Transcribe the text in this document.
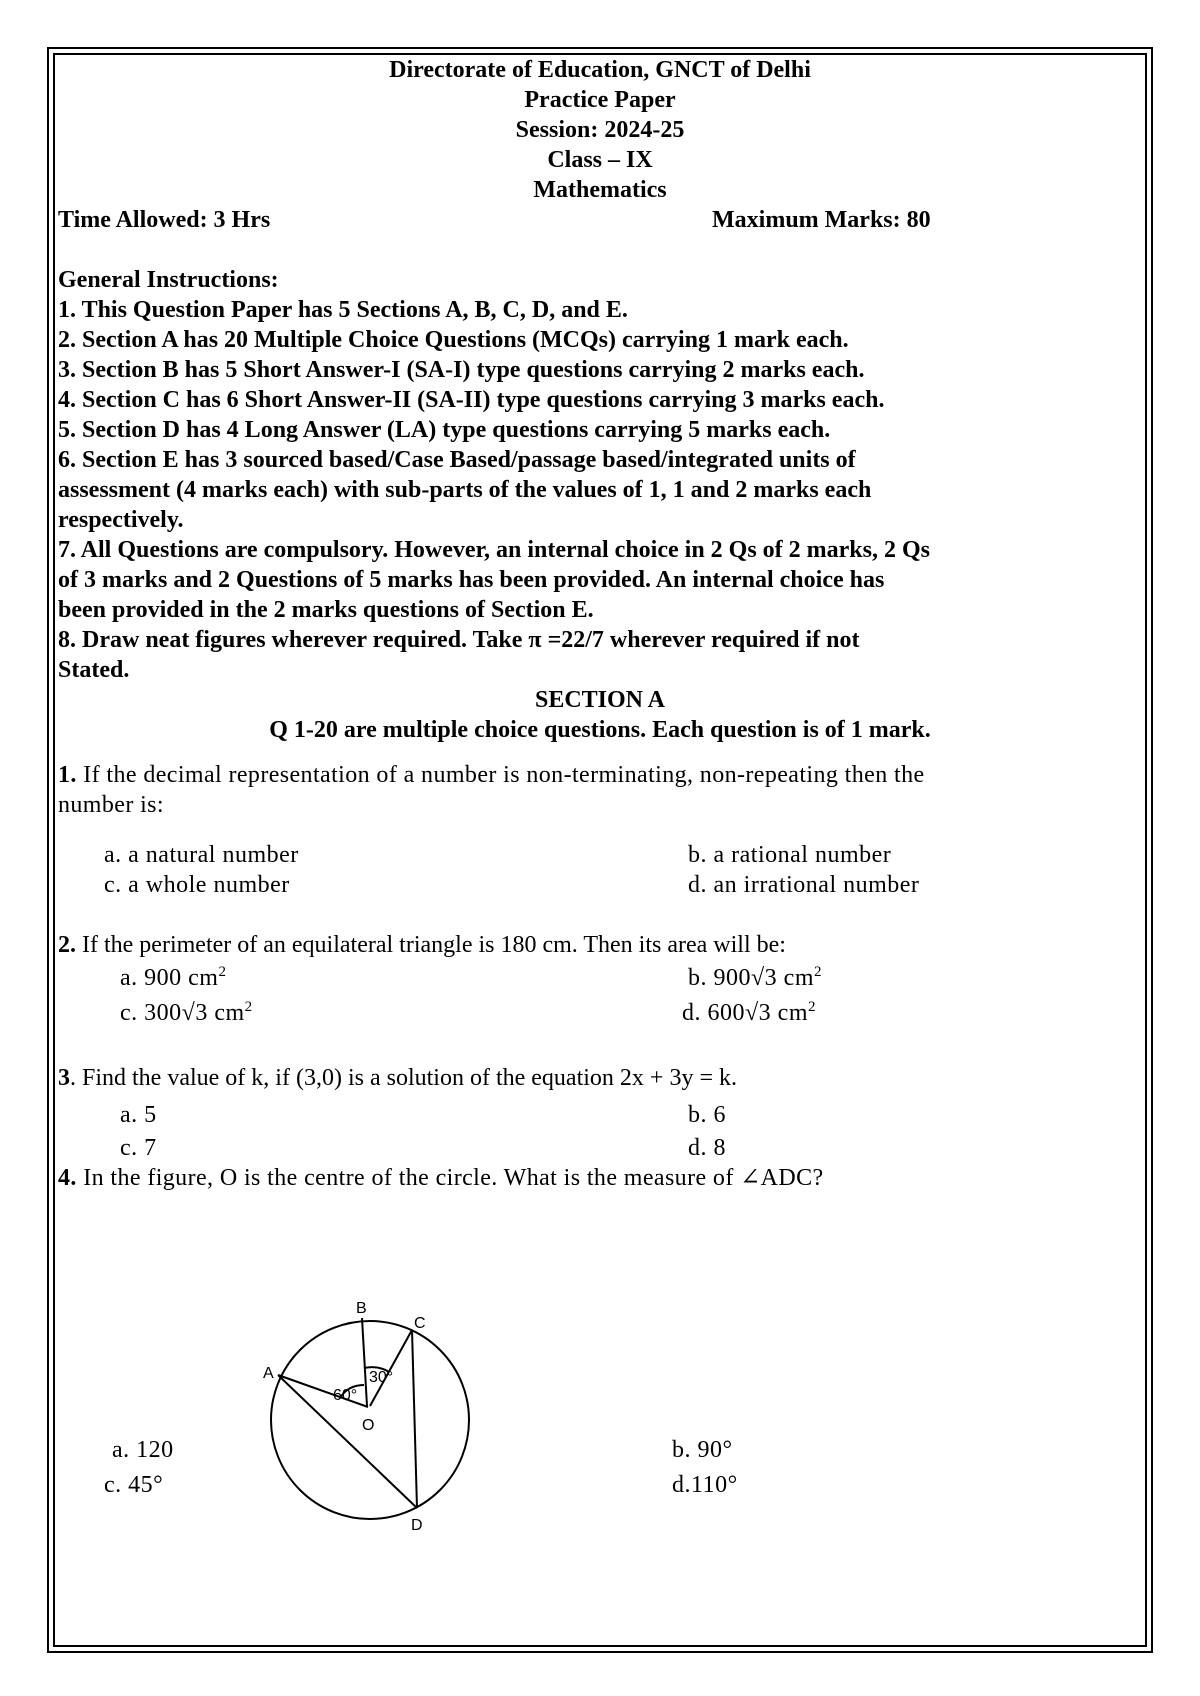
Directorate of Education, GNCT of Delhi
Practice Paper
Session: 2024-25
Class – IX
Mathematics
Time Allowed: 3 Hrs	Maximum Marks: 80
General Instructions:
1. This Question Paper has 5 Sections A, B, C, D, and E.
2. Section A has 20 Multiple Choice Questions (MCQs) carrying 1 mark each.
3. Section B has 5 Short Answer-I (SA-I) type questions carrying 2 marks each.
4. Section C has 6 Short Answer-II (SA-II) type questions carrying 3 marks each.
5. Section D has 4 Long Answer (LA) type questions carrying 5 marks each.
6. Section E has 3 sourced based/Case Based/passage based/integrated units of
assessment (4 marks each) with sub-parts of the values of 1, 1 and 2 marks each
respectively.
7. All Questions are compulsory. However, an internal choice in 2 Qs of 2 marks, 2 Qs
of 3 marks and 2 Questions of 5 marks has been provided. An internal choice has
been provided in the 2 marks questions of Section E.
8. Draw neat figures wherever required. Take π =22/7 wherever required if not
Stated.
SECTION A
Q 1-20 are multiple choice questions. Each question is of 1 mark.
1. If the decimal representation of a number is non-terminating, non-repeating then the
number is:
a. a natural number	b. a rational number
c. a whole number	d. an irrational number
2. If the perimeter of an equilateral triangle is 180 cm. Then its area will be:
a. 900 $cm^2$	b. 900√3 $cm^2$
c. 300√3 $cm^2$	d. 600√3 $cm^2$
3. Find the value of k, if (3,0) is a solution of the equation 2x + 3y = k.
a. 5	b. 6
c. 7	d. 8
4. In the figure, O is the centre of the circle. What is the measure of ∠ADC?
A
B
C
O
D
60°
30°
a. 120	b. 90°
c. 45°	d.110°
